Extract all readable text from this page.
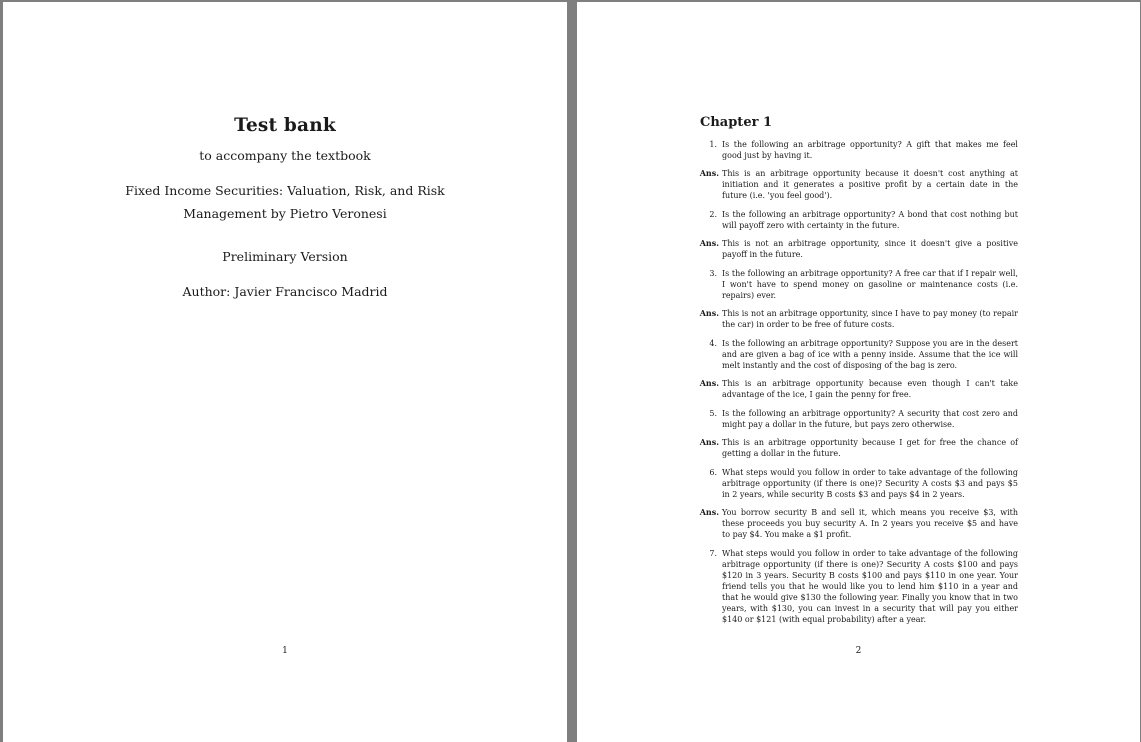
Test bank
to accompany the textbook
Fixed Income Securities: Valuation, Risk, and Risk
Management by Pietro Veronesi
Preliminary Version
Author: Javier Francisco Madrid
1
Chapter 1
1. Is the following an arbitrage opportunity? A gift that makes me feel good just by having it.
Ans. This is an arbitrage opportunity because it doesn't cost anything at initiation and it generates a positive profit by a certain date in the future (i.e. 'you feel good').
2. Is the following an arbitrage opportunity? A bond that cost nothing but will payoff zero with certainty in the future.
Ans. This is not an arbitrage opportunity, since it doesn't give a positive payoff in the future.
3. Is the following an arbitrage opportunity? A free car that if I repair well, I won't have to spend money on gasoline or maintenance costs (i.e. repairs) ever.
Ans. This is not an arbitrage opportunity, since I have to pay money (to repair the car) in order to be free of future costs.
4. Is the following an arbitrage opportunity? Suppose you are in the desert and are given a bag of ice with a penny inside. Assume that the ice will melt instantly and the cost of disposing of the bag is zero.
Ans. This is an arbitrage opportunity because even though I can't take advantage of the ice, I gain the penny for free.
5. Is the following an arbitrage opportunity? A security that cost zero and might pay a dollar in the future, but pays zero otherwise.
Ans. This is an arbitrage opportunity because I get for free the chance of getting a dollar in the future.
6. What steps would you follow in order to take advantage of the following arbitrage opportunity (if there is one)? Security A costs $3 and pays $5 in 2 years, while security B costs $3 and pays $4 in 2 years.
Ans. You borrow security B and sell it, which means you receive $3, with these proceeds you buy security A. In 2 years you receive $5 and have to pay $4. You make a $1 profit.
7. What steps would you follow in order to take advantage of the following arbitrage opportunity (if there is one)? Security A costs $100 and pays $120 in 3 years. Security B costs $100 and pays $110 in one year. Your friend tells you that he would like you to lend him $110 in a year and that he would give $130 the following year. Finally you know that in two years, with $130, you can invest in a security that will pay you either $140 or $121 (with equal probability) after a year.
2
